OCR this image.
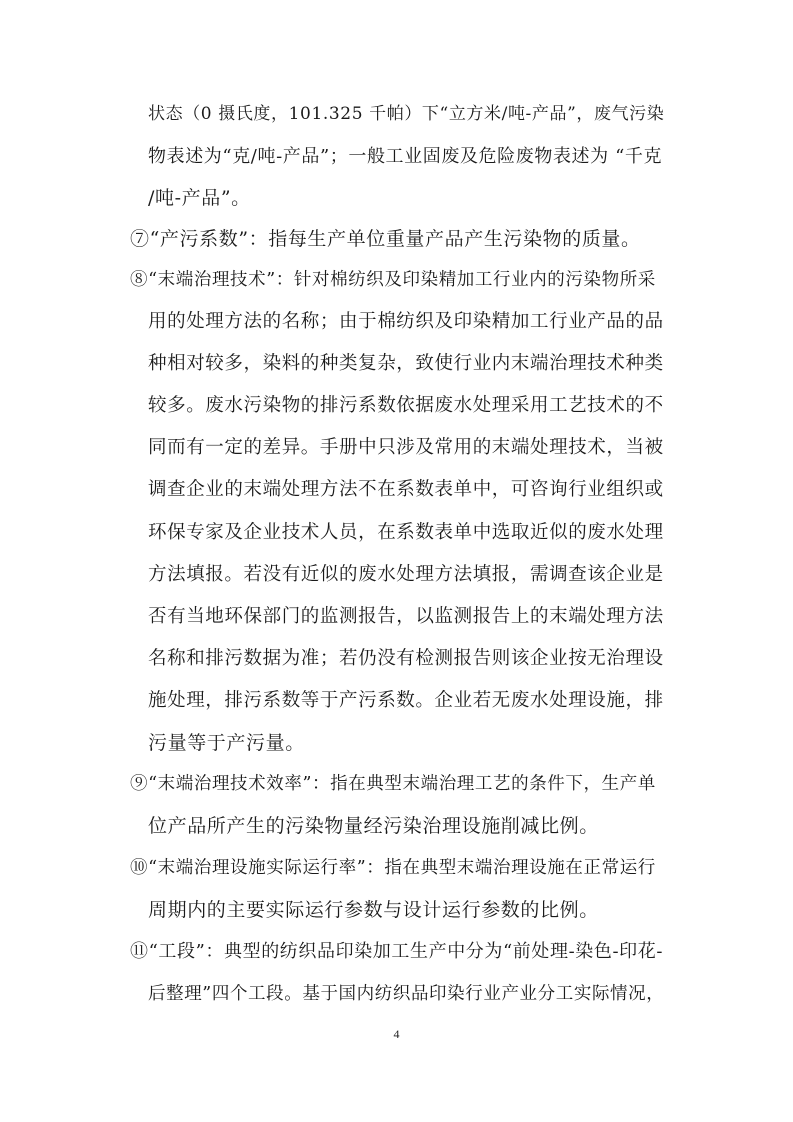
状态（0 摄氏度，101.325 千帕）下“立方米/吨-产品”，废气污染
物表述为“克/吨-产品”；一般工业固废及危险废物表述为 “千克
/吨-产品”。
⑦“产污系数”：指每生产单位重量产品产生污染物的质量。
⑧“末端治理技术”：针对棉纺织及印染精加工行业内的污染物所采
用的处理方法的名称；由于棉纺织及印染精加工行业产品的品
种相对较多，染料的种类复杂，致使行业内末端治理技术种类
较多。废水污染物的排污系数依据废水处理采用工艺技术的不
同而有一定的差异。手册中只涉及常用的末端处理技术，当被
调查企业的末端处理方法不在系数表单中，可咨询行业组织或
环保专家及企业技术人员，在系数表单中选取近似的废水处理
方法填报。若没有近似的废水处理方法填报，需调查该企业是
否有当地环保部门的监测报告，以监测报告上的末端处理方法
名称和排污数据为准；若仍没有检测报告则该企业按无治理设
施处理，排污系数等于产污系数。企业若无废水处理设施，排
污量等于产污量。
⑨“末端治理技术效率”：指在典型末端治理工艺的条件下，生产单
位产品所产生的污染物量经污染治理设施削减比例。
⑩“末端治理设施实际运行率”：指在典型末端治理设施在正常运行
周期内的主要实际运行参数与设计运行参数的比例。
⑪“工段”：典型的纺织品印染加工生产中分为“前处理-染色-印花-
后整理”四个工段。基于国内纺织品印染行业产业分工实际情况，
4
